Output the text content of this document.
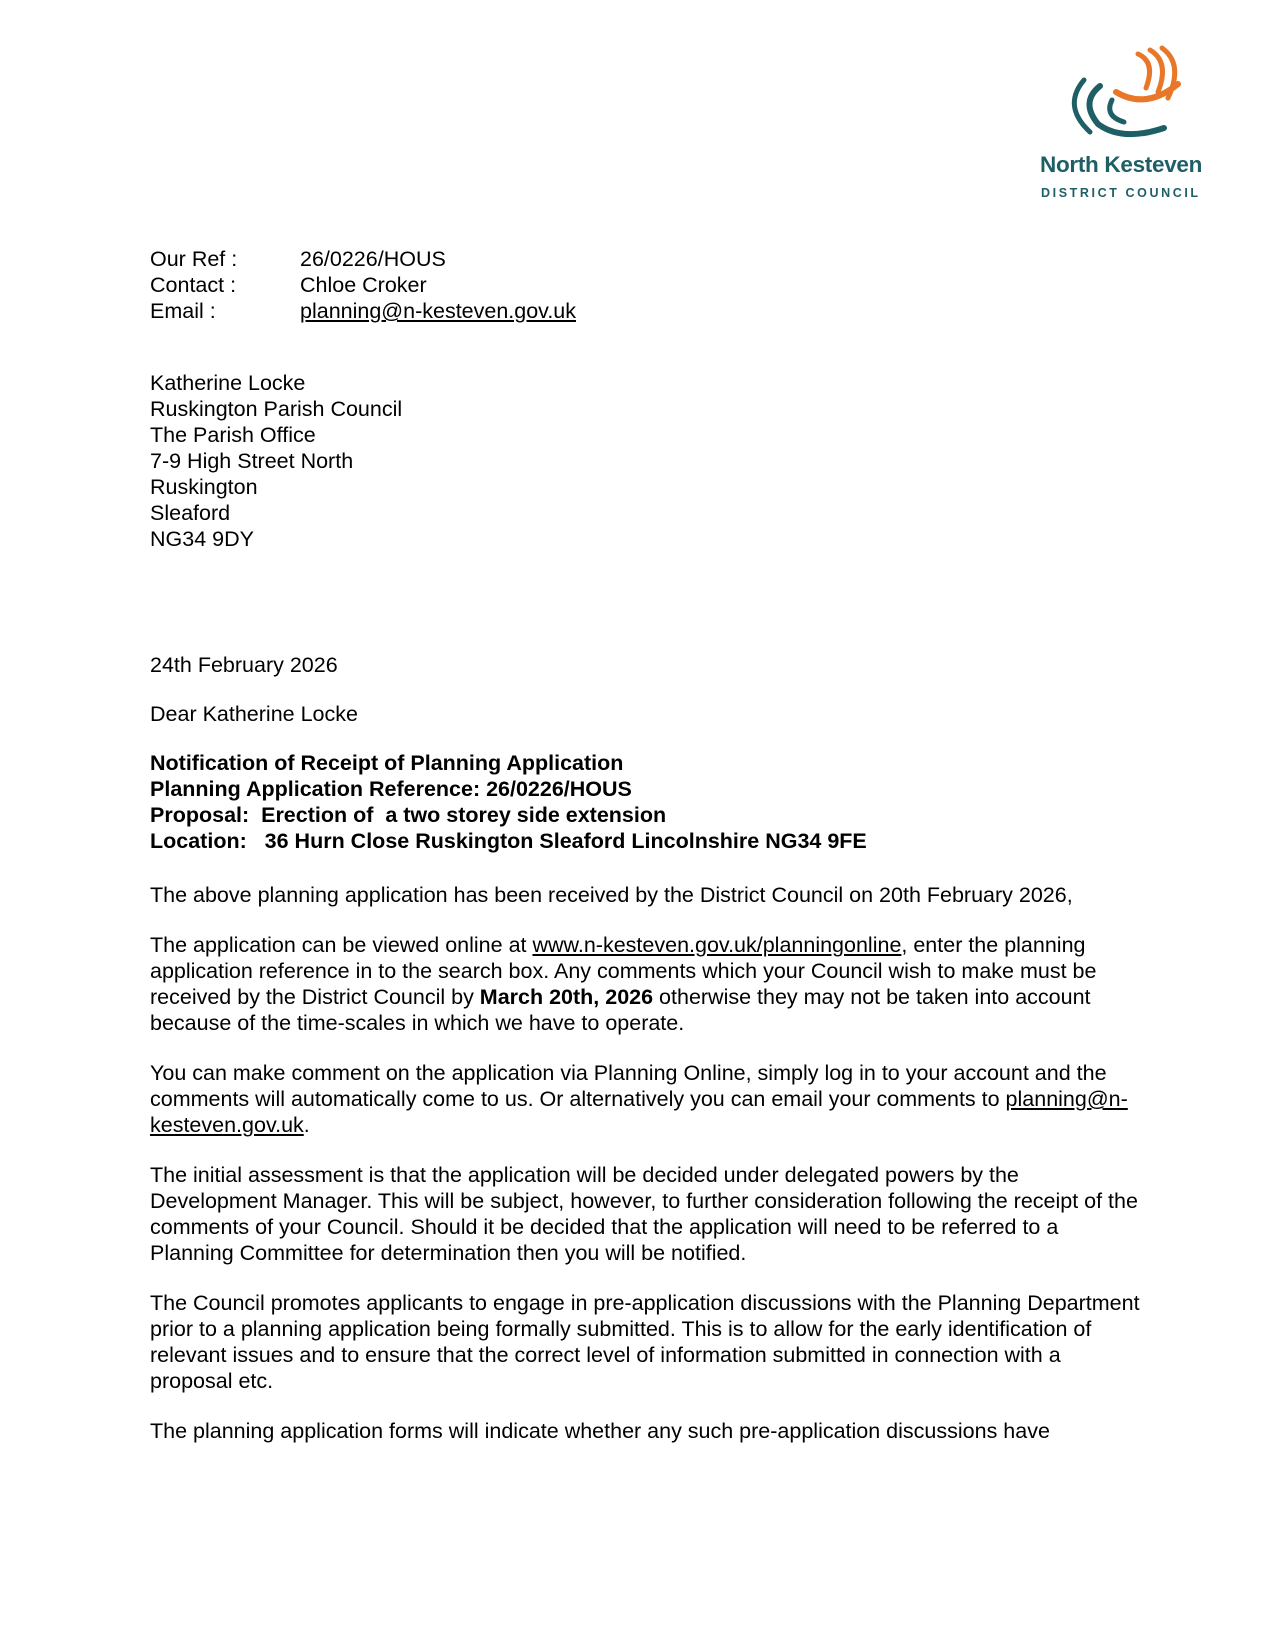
North Kesteven
DISTRICT COUNCIL
Our Ref :	26/0226/HOUS
Contact :	Chloe Croker
Email :	planning@n-kesteven.gov.uk
Katherine Locke
Ruskington Parish Council
The Parish Office
7-9 High Street North
Ruskington
Sleaford
NG34 9DY
24th February 2026
Dear Katherine Locke
Notification of Receipt of Planning Application
Planning Application Reference: 26/0226/HOUS
Proposal:  Erection of  a two storey side extension
Location:   36 Hurn Close Ruskington Sleaford Lincolnshire NG34 9FE

The above planning application has been received by the District Council on 20th February 2026,

The application can be viewed online at www.n-kesteven.gov.uk/planningonline, enter the planning application reference in to the search box. Any comments which your Council wish to make must be received by the District Council by March 20th, 2026 otherwise they may not be taken into account because of the time-scales in which we have to operate.

You can make comment on the application via Planning Online, simply log in to your account and the comments will automatically come to us. Or alternatively you can email your comments to planning@n-kesteven.gov.uk.

The initial assessment is that the application will be decided under delegated powers by the Development Manager. This will be subject, however, to further consideration following the receipt of the comments of your Council. Should it be decided that the application will need to be referred to a Planning Committee for determination then you will be notified.

The Council promotes applicants to engage in pre-application discussions with the Planning Department prior to a planning application being formally submitted. This is to allow for the early identification of relevant issues and to ensure that the correct level of information submitted in connection with a proposal etc.

The planning application forms will indicate whether any such pre-application discussions have
